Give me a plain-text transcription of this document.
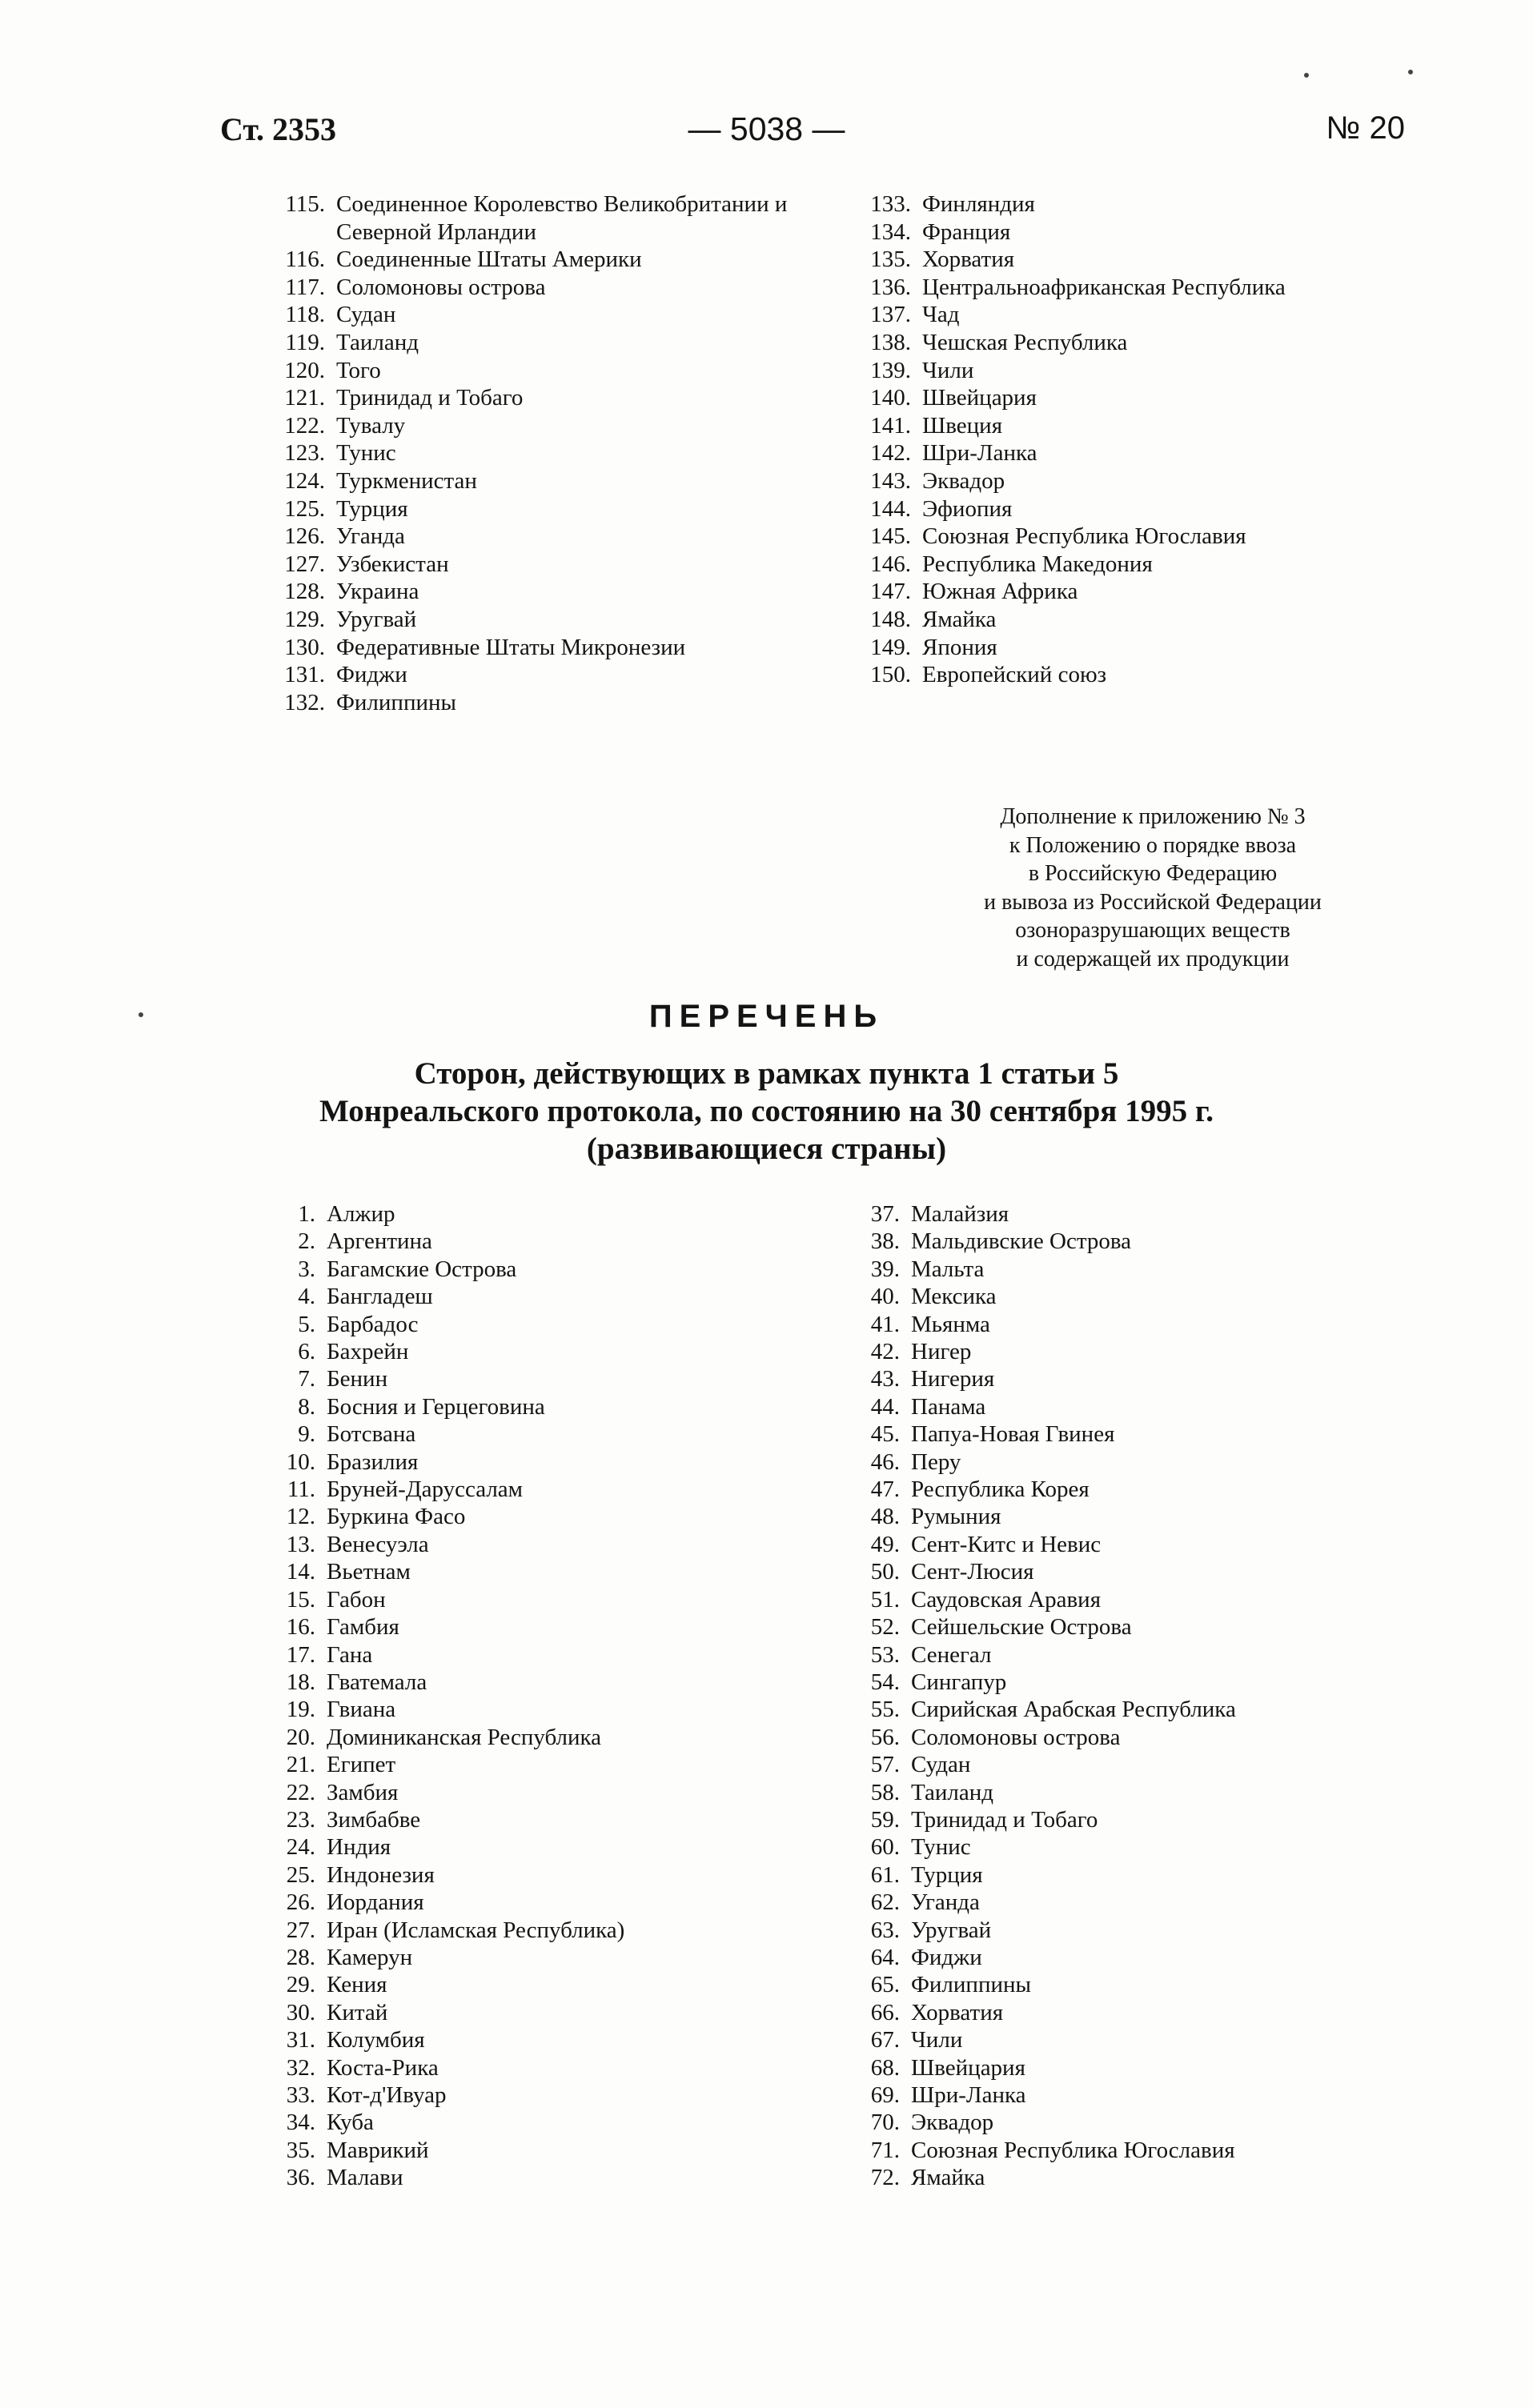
Ст. 2353	— 5038 —	№ 20
115. Соединенное Королевство Великобритании и Северной Ирландии
116. Соединенные Штаты Америки
117. Соломоновы острова
118. Судан
119. Таиланд
120. Того
121. Тринидад и Тобаго
122. Тувалу
123. Тунис
124. Туркменистан
125. Турция
126. Уганда
127. Узбекистан
128. Украина
129. Уругвай
130. Федеративные Штаты Микронезии
131. Фиджи
132. Филиппины
133. Финляндия
134. Франция
135. Хорватия
136. Центральноафриканская Республика
137. Чад
138. Чешская Республика
139. Чили
140. Швейцария
141. Швеция
142. Шри-Ланка
143. Эквадор
144. Эфиопия
145. Союзная Республика Югославия
146. Республика Македония
147. Южная Африка
148. Ямайка
149. Япония
150. Европейский союз
Дополнение к приложению № 3
к Положению о порядке ввоза
в Российскую Федерацию
и вывоза из Российской Федерации
озоноразрушающих веществ
и содержащей их продукции
ПЕРЕЧЕНЬ
Сторон, действующих в рамках пункта 1 статьи 5
Монреальского протокола, по состоянию на 30 сентября 1995 г.
(развивающиеся страны)
1. Алжир
2. Аргентина
3. Багамские Острова
4. Бангладеш
5. Барбадос
6. Бахрейн
7. Бенин
8. Босния и Герцеговина
9. Ботсвана
10. Бразилия
11. Бруней-Даруссалам
12. Буркина Фасо
13. Венесуэла
14. Вьетнам
15. Габон
16. Гамбия
17. Гана
18. Гватемала
19. Гвиана
20. Доминиканская Республика
21. Египет
22. Замбия
23. Зимбабве
24. Индия
25. Индонезия
26. Иордания
27. Иран (Исламская Республика)
28. Камерун
29. Кения
30. Китай
31. Колумбия
32. Коста-Рика
33. Кот-д'Ивуар
34. Куба
35. Маврикий
36. Малави
37. Малайзия
38. Мальдивские Острова
39. Мальта
40. Мексика
41. Мьянма
42. Нигер
43. Нигерия
44. Панама
45. Папуа-Новая Гвинея
46. Перу
47. Республика Корея
48. Румыния
49. Сент-Китс и Невис
50. Сент-Люсия
51. Саудовская Аравия
52. Сейшельские Острова
53. Сенегал
54. Сингапур
55. Сирийская Арабская Республика
56. Соломоновы острова
57. Судан
58. Таиланд
59. Тринидад и Тобаго
60. Тунис
61. Турция
62. Уганда
63. Уругвай
64. Фиджи
65. Филиппины
66. Хорватия
67. Чили
68. Швейцария
69. Шри-Ланка
70. Эквадор
71. Союзная Республика Югославия
72. Ямайка
